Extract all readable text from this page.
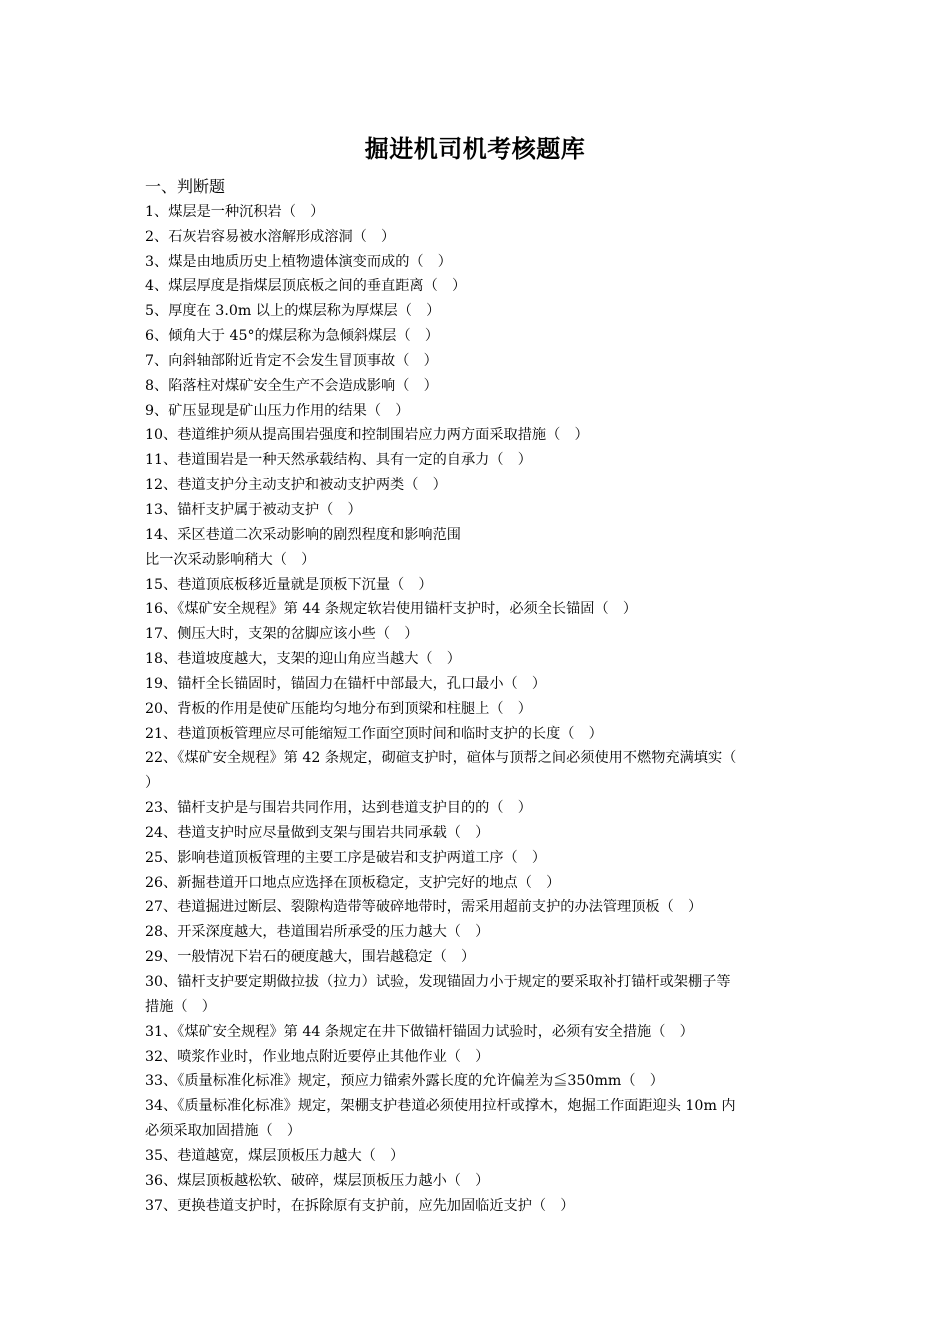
掘进机司机考核题库
一、判断题
1、煤层是一种沉积岩（　）
2、石灰岩容易被水溶解形成溶洞（　）
3、煤是由地质历史上植物遗体演变而成的（　）
4、煤层厚度是指煤层顶底板之间的垂直距离（　）
5、厚度在 3.0m 以上的煤层称为厚煤层（　）
6、倾角大于 45°的煤层称为急倾斜煤层（　）
7、向斜轴部附近肯定不会发生冒顶事故（　）
8、陷落柱对煤矿安全生产不会造成影响（　）
9、矿压显现是矿山压力作用的结果（　）
10、巷道维护须从提高围岩强度和控制围岩应力两方面采取措施（　）
11、巷道围岩是一种天然承载结构、具有一定的自承力（　）
12、巷道支护分主动支护和被动支护两类（　）
13、锚杆支护属于被动支护（　）
14、采区巷道二次采动影响的剧烈程度和影响范围
比一次采动影响稍大（　）
15、巷道顶底板移近量就是顶板下沉量（　）
16、《煤矿安全规程》第 44 条规定软岩使用锚杆支护时，必须全长锚固（　）
17、侧压大时，支架的岔脚应该小些（　）
18、巷道坡度越大，支架的迎山角应当越大（　）
19、锚杆全长锚固时，锚固力在锚杆中部最大，孔口最小（　）
20、背板的作用是使矿压能均匀地分布到顶梁和柱腿上（　）
21、巷道顶板管理应尽可能缩短工作面空顶时间和临时支护的长度（　）
22、《煤矿安全规程》第 42 条规定，砌碹支护时，碹体与顶帮之间必须使用不燃物充满填实（
）
23、锚杆支护是与围岩共同作用，达到巷道支护目的的（　）
24、巷道支护时应尽量做到支架与围岩共同承载（　）
25、影响巷道顶板管理的主要工序是破岩和支护两道工序（　）
26、新掘巷道开口地点应选择在顶板稳定，支护完好的地点（　）
27、巷道掘进过断层、裂隙构造带等破碎地带时，需采用超前支护的办法管理顶板（　）
28、开采深度越大，巷道围岩所承受的压力越大（　）
29、一般情况下岩石的硬度越大，围岩越稳定（　）
30、锚杆支护要定期做拉拔（拉力）试验，发现锚固力小于规定的要采取补打锚杆或架棚子等
措施（　）
31、《煤矿安全规程》第 44 条规定在井下做锚杆锚固力试验时，必须有安全措施（　）
32、喷浆作业时，作业地点附近要停止其他作业（　）
33、《质量标准化标准》规定，预应力锚索外露长度的允许偏差为≦350mm（　）
34、《质量标准化标准》规定，架棚支护巷道必须使用拉杆或撑木，炮掘工作面距迎头 10m 内
必须采取加固措施（　）
35、巷道越宽，煤层顶板压力越大（　）
36、煤层顶板越松软、破碎，煤层顶板压力越小（　）
37、更换巷道支护时，在拆除原有支护前，应先加固临近支护（　）
